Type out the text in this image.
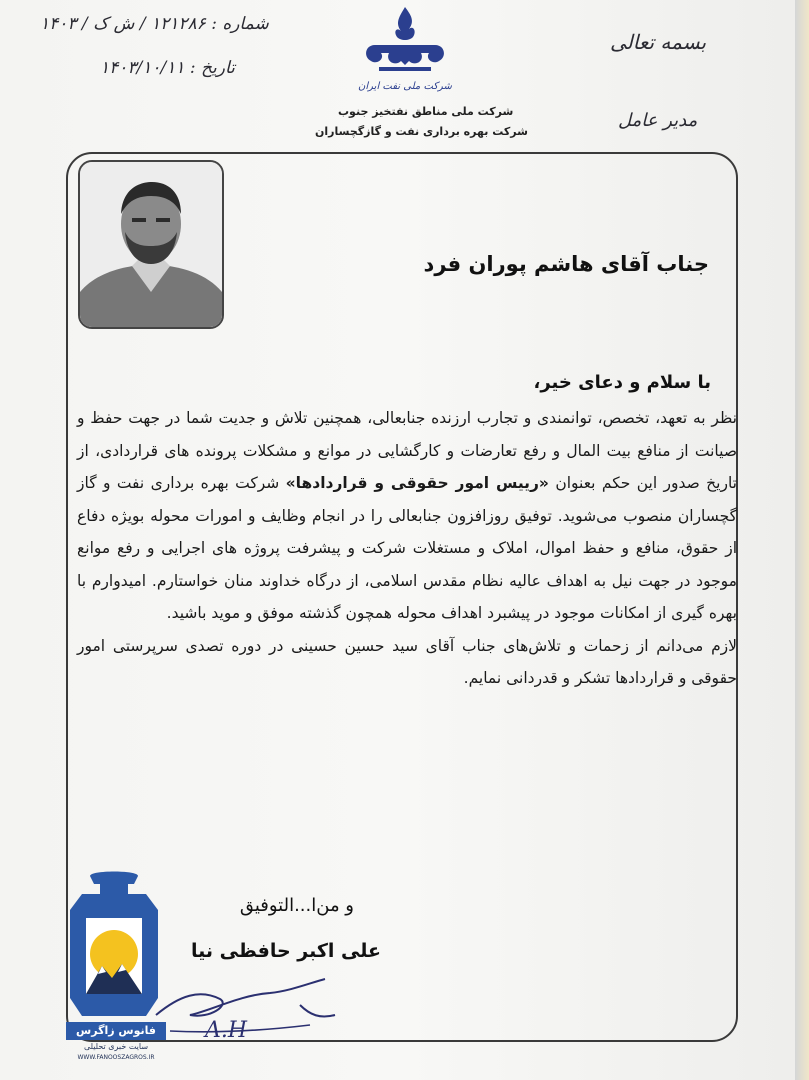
شماره : ۱۲۱۲۸۶ / ش ک / ۱۴۰۳
تاریخ : ۱۴۰۳/۱۰/۱۱
بسمه تعالی
مدیر عامل
شرکت ملی نفت ایران
شرکت ملی مناطق نفتخیز جنوب
شرکت بهره برداری نفت و گازگچساران
جناب آقای هاشم پوران فرد
با سلام و دعای خیر،
نظر به تعهد، تخصص، توانمندی و تجارب ارزنده جنابعالی، همچنین تلاش و جدیت شما در جهت حفظ و صیانت از منافع بیت المال و رفع تعارضات و کارگشایی در موانع و مشکلات پرونده های قراردادی، از تاریخ صدور این حکم بعنوان «رییس امور حقوقی و قراردادها» شرکت بهره برداری نفت و گاز گچساران منصوب می‌شوید. توفیق روزافزون جنابعالی را در انجام وظایف و امورات محوله بویژه دفاع از حقوق، منافع و حفظ اموال، املاک و مستغلات شرکت و پیشرفت پروژه های اجرایی و رفع موانع موجود در جهت نیل به اهداف عالیه نظام مقدس اسلامی، از درگاه خداوند منان خواستارم. امیدوارم با بهره گیری از امکانات موجود در پیشبرد اهداف محوله همچون گذشته موفق و موید باشید.
لازم می‌دانم از زحمات و تلاش‌های جناب آقای سید حسین حسینی در دوره تصدی سرپرستی امور حقوقی و قراردادها تشکر و قدردانی نمایم.
و من‌ا...التوفیق
علی اکبر حافظی نیا
A.H
فانوس زاگرس
سایت خبری تحلیلی
WWW.FANOOSZAGROS.IR
